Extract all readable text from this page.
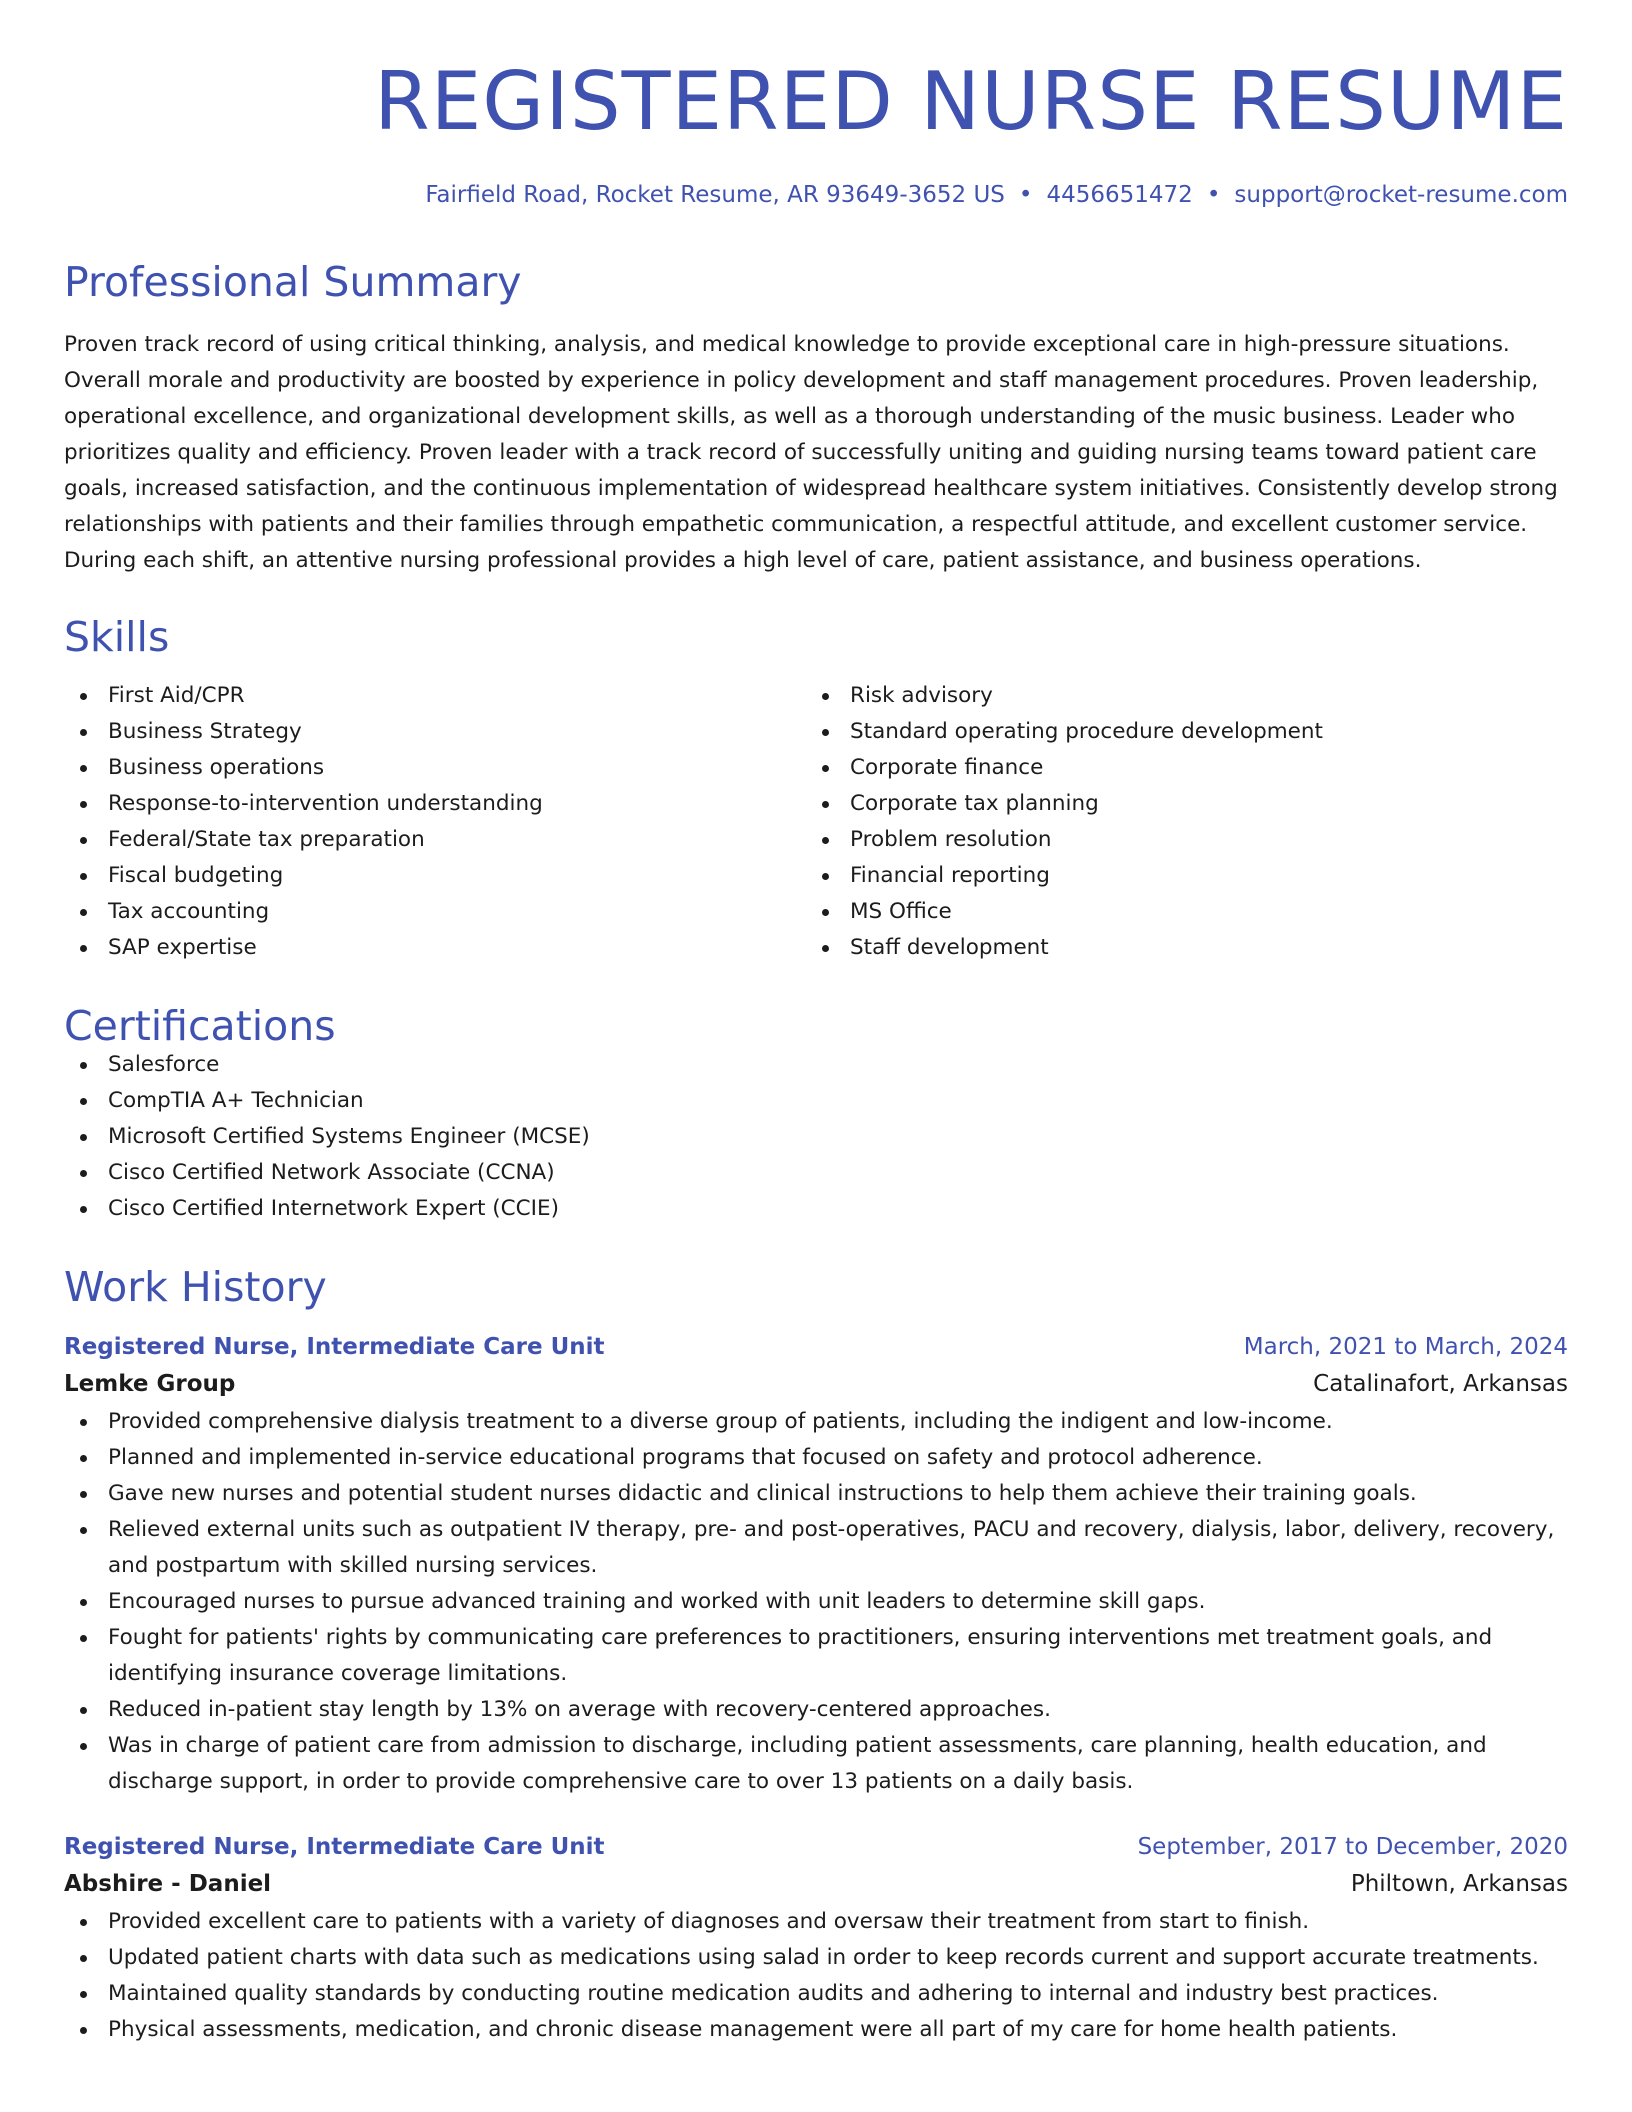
REGISTERED NURSE RESUME
Fairfield Road, Rocket Resume, AR 93649-3652 US • 4456651472 • support@rocket-resume.com
Professional Summary

Proven track record of using critical thinking, analysis, and medical knowledge to provide exceptional care in high-pressure situations. Overall morale and productivity are boosted by experience in policy development and staff management procedures. Proven leadership, operational excellence, and organizational development skills, as well as a thorough understanding of the music business. Leader who prioritizes quality and efficiency. Proven leader with a track record of successfully uniting and guiding nursing teams toward patient care goals, increased satisfaction, and the continuous implementation of widespread healthcare system initiatives. Consistently develop strong relationships with patients and their families through empathetic communication, a respectful attitude, and excellent customer service. During each shift, an attentive nursing professional provides a high level of care, patient assistance, and business operations.

Skills
First Aid/CPR
Business Strategy
Business operations
Response-to-intervention understanding
Federal/State tax preparation
Fiscal budgeting
Tax accounting
SAP expertise
Risk advisory
Standard operating procedure development
Corporate finance
Corporate tax planning
Problem resolution
Financial reporting
MS Office
Staff development
Certifications
Salesforce
CompTIA A+ Technician
Microsoft Certified Systems Engineer (MCSE)
Cisco Certified Network Associate (CCNA)
Cisco Certified Internetwork Expert (CCIE)
Work History
Registered Nurse, Intermediate Care Unit	March, 2021 to March, 2024
Lemke Group	Catalinafort, Arkansas
Provided comprehensive dialysis treatment to a diverse group of patients, including the indigent and low-income.
Planned and implemented in-service educational programs that focused on safety and protocol adherence.
Gave new nurses and potential student nurses didactic and clinical instructions to help them achieve their training goals.
Relieved external units such as outpatient IV therapy, pre- and post-operatives, PACU and recovery, dialysis, labor, delivery, recovery, and postpartum with skilled nursing services.
Encouraged nurses to pursue advanced training and worked with unit leaders to determine skill gaps.
Fought for patients' rights by communicating care preferences to practitioners, ensuring interventions met treatment goals, and identifying insurance coverage limitations.
Reduced in-patient stay length by 13% on average with recovery-centered approaches.
Was in charge of patient care from admission to discharge, including patient assessments, care planning, health education, and discharge support, in order to provide comprehensive care to over 13 patients on a daily basis.
Registered Nurse, Intermediate Care Unit	September, 2017 to December, 2020
Abshire - Daniel	Philtown, Arkansas
Provided excellent care to patients with a variety of diagnoses and oversaw their treatment from start to finish.
Updated patient charts with data such as medications using salad in order to keep records current and support accurate treatments.
Maintained quality standards by conducting routine medication audits and adhering to internal and industry best practices.
Physical assessments, medication, and chronic disease management were all part of my care for home health patients.
